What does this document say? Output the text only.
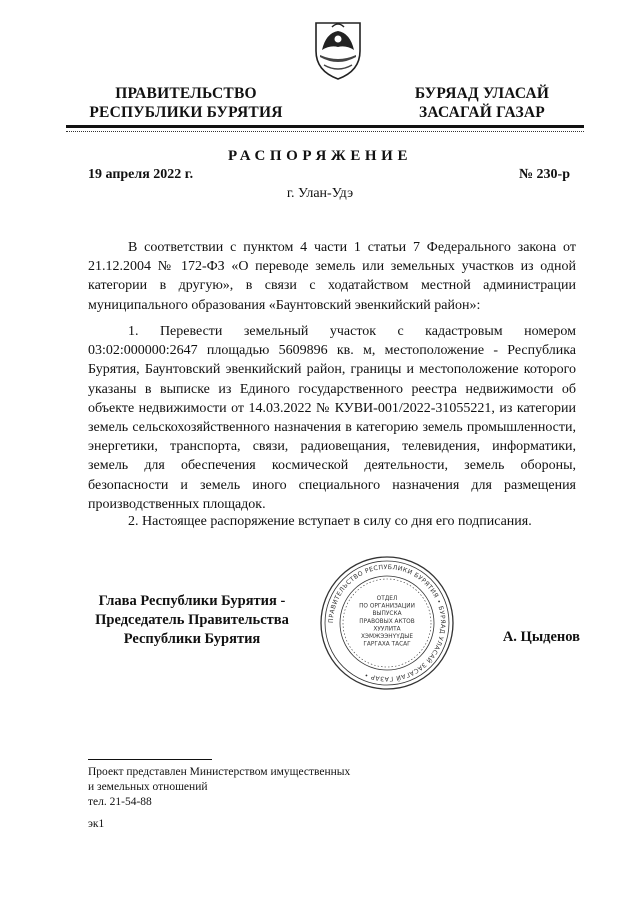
ПРАВИТЕЛЬСТВО
РЕСПУБЛИКИ БУРЯТИЯ
БУРЯАД УЛАСАЙ
ЗАСАГАЙ ГАЗАР
РАСПОРЯЖЕНИЕ
19 апреля 2022 г.	№ 230-р
г. Улан-Удэ

В соответствии с пунктом 4 части 1 статьи 7 Федерального закона от 21.12.2004 № 172-ФЗ «О переводе земель или земельных участков из одной категории в другую», в связи с ходатайством местной администрации муниципального образования «Баунтовский эвенкийский район»:

1. Перевести земельный участок с кадастровым номером 03:02:000000:2647 площадью 5609896 кв. м, местоположение - Республика Бурятия, Баунтовский эвенкийский район, границы и местоположение которого указаны в выписке из Единого государственного реестра недвижимости об объекте недвижимости от 14.03.2022 № КУВИ-001/2022-31055221, из категории земель сельскохозяйственного назначения в категорию земель промышленности, энергетики, транспорта, связи, радиовещания, телевидения, информатики, земель для обеспечения космической деятельности, земель обороны, безопасности и земель иного специального назначения для размещения производственных площадок.

2. Настоящее распоряжение вступает в силу со дня его подписания.

Глава Республики Бурятия -
Председатель Правительства
Республики Бурятия
ПРАВИТЕЛЬСТВО РЕСПУБЛИКИ БУРЯТИЯ • БУРЯАД УЛАСАЙ ЗАСАГАЙ ГАЗАР •
ОТДЕЛ
ПО ОРГАНИЗАЦИИ
ВЫПУСКА
ПРАВОВЫХ АКТОВ
ХУУЛИТА
ХЭМЖЭЭНҮҮДЫЕ
ГАРГАХА ТАСАГ	А. Цыденов
Проект представлен Министерством имущественных
и земельных отношений
тел. 21-54-88
эк1
